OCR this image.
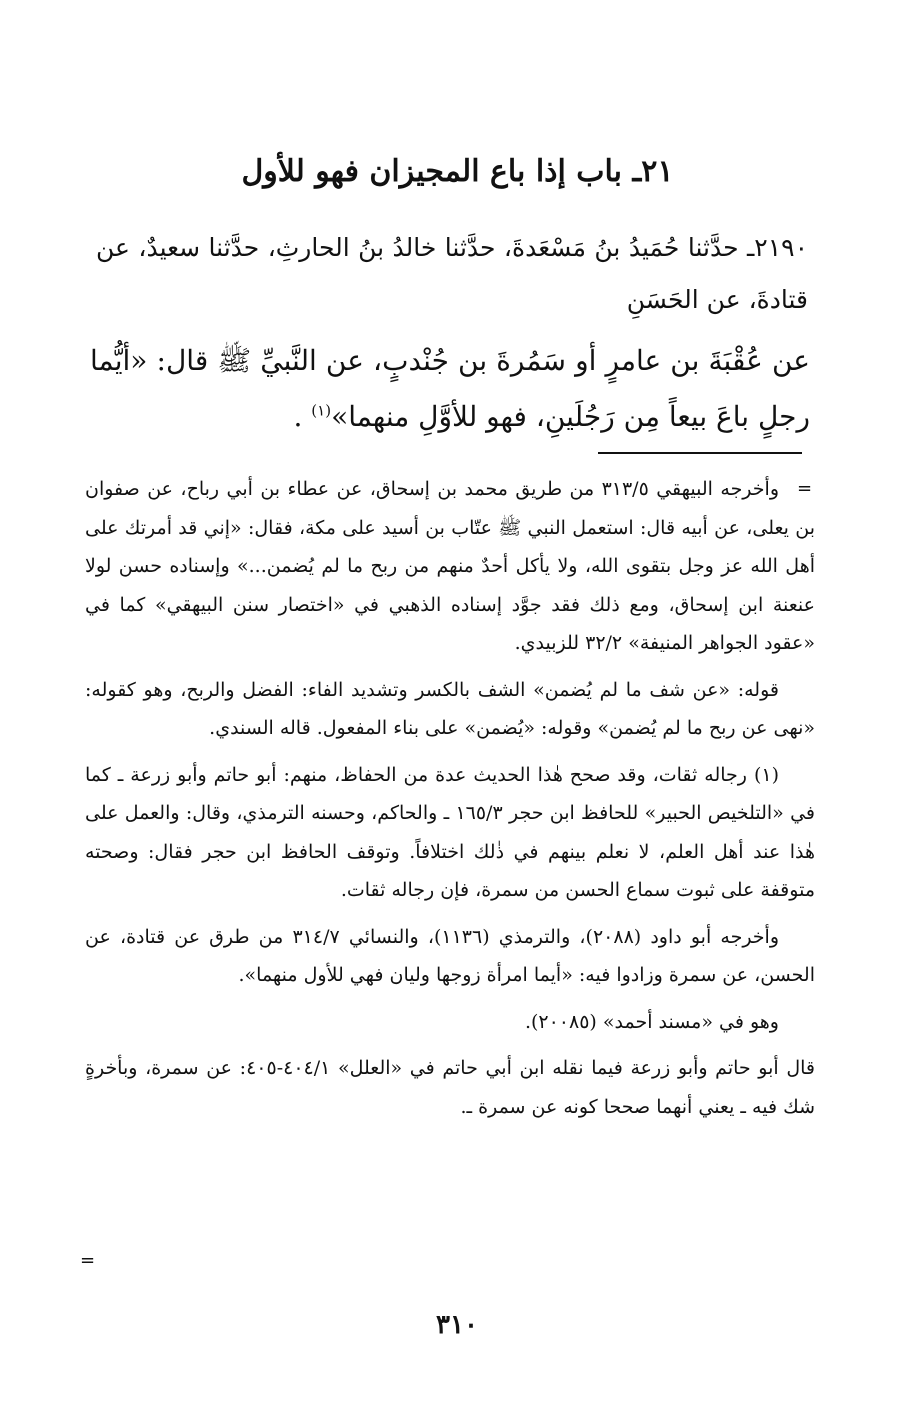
٢١ـ باب إذا باع المجيزان فهو للأول
٢١٩٠ـ حدَّثنا حُمَيدُ بنُ مَسْعَدةَ، حدَّثنا خالدُ بنُ الحارثِ، حدَّثنا سعيدٌ، عن قتادةَ، عن الحَسَنِ
عن عُقْبَةَ بن عامرٍ أو سَمُرةَ بن جُنْدبٍ، عن النَّبيِّ ﷺ قال: «أيُّما رجلٍ باعَ بيعاً مِن رَجُلَينِ، فهو للأوَّلِ منهما»$^{(١)}$ .
=

وأخرجه البيهقي ٣١٣/٥ من طريق محمد بن إسحاق، عن عطاء بن أبي رباح، عن صفوان بن يعلى، عن أبيه قال: استعمل النبي ﷺ عتّاب بن أسيد على مكة، فقال: «إني قد أمرتك على أهل الله عز وجل بتقوى الله، ولا يأكل أحدٌ منهم من ربح ما لم يُضمن...» وإسناده حسن لولا عنعنة ابن إسحاق، ومع ذلك فقد جوَّد إسناده الذهبي في «اختصار سنن البيهقي» كما في «عقود الجواهر المنيفة» ٣٢/٢ للزبيدي.

قوله: «عن شف ما لم يُضمن» الشف بالكسر وتشديد الفاء: الفضل والربح، وهو كقوله: «نهى عن ربح ما لم يُضمن» وقوله: «يُضمن» على بناء المفعول. قاله السندي.

(١) رجاله ثقات، وقد صحح هٰذا الحديث عدة من الحفاظ، منهم: أبو حاتم وأبو زرعة ـ كما في «التلخيص الحبير» للحافظ ابن حجر ١٦٥/٣ ـ والحاكم، وحسنه الترمذي، وقال: والعمل على هٰذا عند أهل العلم، لا نعلم بينهم في ذٰلك اختلافاً. وتوقف الحافظ ابن حجر فقال: وصحته متوقفة على ثبوت سماع الحسن من سمرة، فإن رجاله ثقات.

وأخرجه أبو داود (٢٠٨٨)، والترمذي (١١٣٦)، والنسائي ٣١٤/٧ من طرق عن قتادة، عن الحسن، عن سمرة وزادوا فيه: «أيما امرأة زوجها وليان فهي للأول منهما».

وهو في «مسند أحمد» (٢٠٠٨٥).

قال أبو حاتم وأبو زرعة فيما نقله ابن أبي حاتم في «العلل» ٤٠٤/١-٤٠٥: عن سمرة، وبأخرةٍ شك فيه ـ يعني أنهما صححا كونه عن سمرة ـ.

=
٣١٠
